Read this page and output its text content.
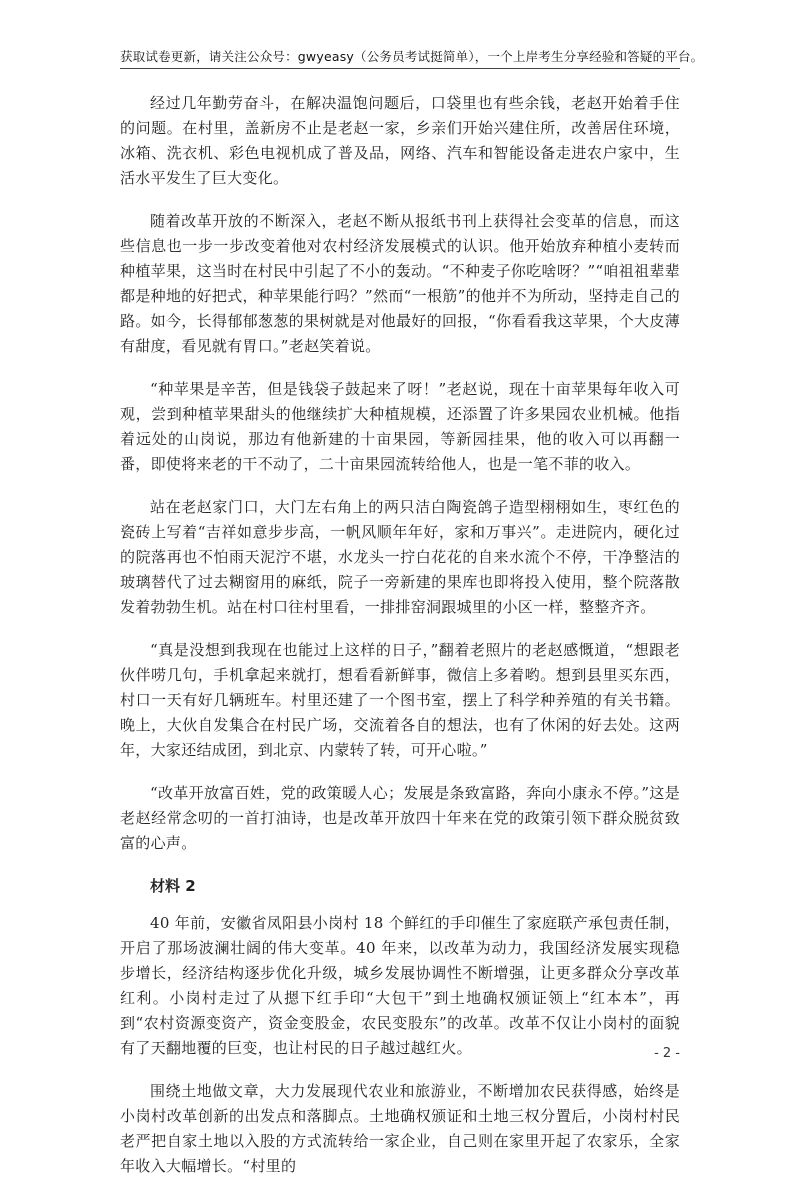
获取试卷更新，请关注公众号：gwyeasy（公务员考试挺简单），一个上岸考生分享经验和答疑的平台。

经过几年勤劳奋斗，在解决温饱问题后，口袋里也有些余钱，老赵开始着手住的问题。在村里，盖新房不止是老赵一家，乡亲们开始兴建住所，改善居住环境，冰箱、洗衣机、彩色电视机成了普及品，网络、汽车和智能设备走进农户家中，生活水平发生了巨大变化。

随着改革开放的不断深入，老赵不断从报纸书刊上获得社会变革的信息，而这些信息也一步一步改变着他对农村经济发展模式的认识。他开始放弃种植小麦转而种植苹果，这当时在村民中引起了不小的轰动。“不种麦子你吃啥呀？”“咱祖祖辈辈都是种地的好把式，种苹果能行吗？”然而“一根筋”的他并不为所动，坚持走自己的路。如今，长得郁郁葱葱的果树就是对他最好的回报，“你看看我这苹果，个大皮薄有甜度，看见就有胃口。”老赵笑着说。

“种苹果是辛苦，但是钱袋子鼓起来了呀！”老赵说，现在十亩苹果每年收入可观，尝到种植苹果甜头的他继续扩大种植规模，还添置了许多果园农业机械。他指着远处的山岗说，那边有他新建的十亩果园，等新园挂果，他的收入可以再翻一番，即使将来老的干不动了，二十亩果园流转给他人，也是一笔不菲的收入。

站在老赵家门口，大门左右角上的两只洁白陶瓷鸽子造型栩栩如生，枣红色的瓷砖上写着“吉祥如意步步高，一帆风顺年年好，家和万事兴”。走进院内，硬化过的院落再也不怕雨天泥泞不堪，水龙头一拧白花花的自来水流个不停，干净整洁的玻璃替代了过去糊窗用的麻纸，院子一旁新建的果库也即将投入使用，整个院落散发着勃勃生机。站在村口往村里看，一排排窑洞跟城里的小区一样，整整齐齐。

“真是没想到我现在也能过上这样的日子，”翻着老照片的老赵感慨道，“想跟老伙伴唠几句，手机拿起来就打，想看看新鲜事，微信上多着哟。想到县里买东西，村口一天有好几辆班车。村里还建了一个图书室，摆上了科学种养殖的有关书籍。晚上，大伙自发集合在村民广场，交流着各自的想法，也有了休闲的好去处。这两年，大家还结成团，到北京、内蒙转了转，可开心啦。”

“改革开放富百姓，党的政策暖人心；发展是条致富路，奔向小康永不停。”这是老赵经常念叨的一首打油诗，也是改革开放四十年来在党的政策引领下群众脱贫致富的心声。

材料 2

40 年前，安徽省凤阳县小岗村 18 个鲜红的手印催生了家庭联产承包责任制，开启了那场波澜壮阔的伟大变革。40 年来，以改革为动力，我国经济发展实现稳步增长，经济结构逐步优化升级，城乡发展协调性不断增强，让更多群众分享改革红利。小岗村走过了从摁下红手印“大包干”到土地确权颁证领上“红本本”，再到“农村资源变资产，资金变股金，农民变股东”的改革。改革不仅让小岗村的面貌有了天翻地覆的巨变，也让村民的日子越过越红火。

围绕土地做文章，大力发展现代农业和旅游业，不断增加农民获得感，始终是小岗村改革创新的出发点和落脚点。土地确权颁证和土地三权分置后，小岗村村民老严把自家土地以入股的方式流转给一家企业，自己则在家里开起了农家乐，全家年收入大幅增长。“村里的

- 2 -
